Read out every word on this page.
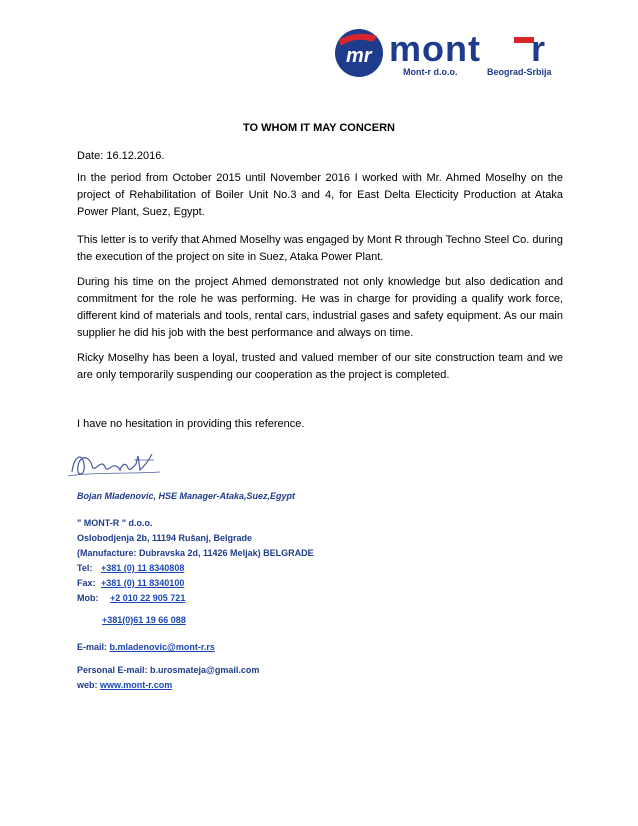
mr mont r
Mont-r d.o.o.	Beograd-Srbija
TO WHOM IT MAY CONCERN
Date: 16.12.2016.
In the period from October 2015 until November 2016 I worked with Mr. Ahmed Moselhy on the project of Rehabilitation of Boiler Unit No.3 and 4, for East Delta Electicity Production at Ataka Power Plant, Suez, Egypt.
This letter is to verify that Ahmed Moselhy was engaged by Mont R through Techno Steel Co. during the execution of the project on site in Suez, Ataka Power Plant.
During his time on the project Ahmed demonstrated not only knowledge but also dedication and commitment for the role he was performing. He was in charge for providing a qualify work force, different kind of materials and tools, rental cars, industrial gases and safety equipment. As our main supplier he did his job with the best performance and always on time.
Ricky Moselhy has been a loyal, trusted and valued member of our site construction team and we are only temporarily suspending our cooperation as the project is completed.
I have no hesitation in providing this reference.
Bojan Mladenovic, HSE Manager-Ataka,Suez,Egypt
" MONT-R " d.o.o.
Oslobodjenja 2b, 11194 Rušanj, Belgrade
(Manufacture: Dubravska 2d, 11426 Meljak) BELGRADE
Tel: +381 (0) 11 8340808
Fax: +381 (0) 11 8340100
Mob: +2 010 22 905 721
+381(0)61 19 66 088
E-mail: b.mladenovic@mont-r.rs
Personal E-mail: b.urosmateja@gmail.com
web: www.mont-r.com
